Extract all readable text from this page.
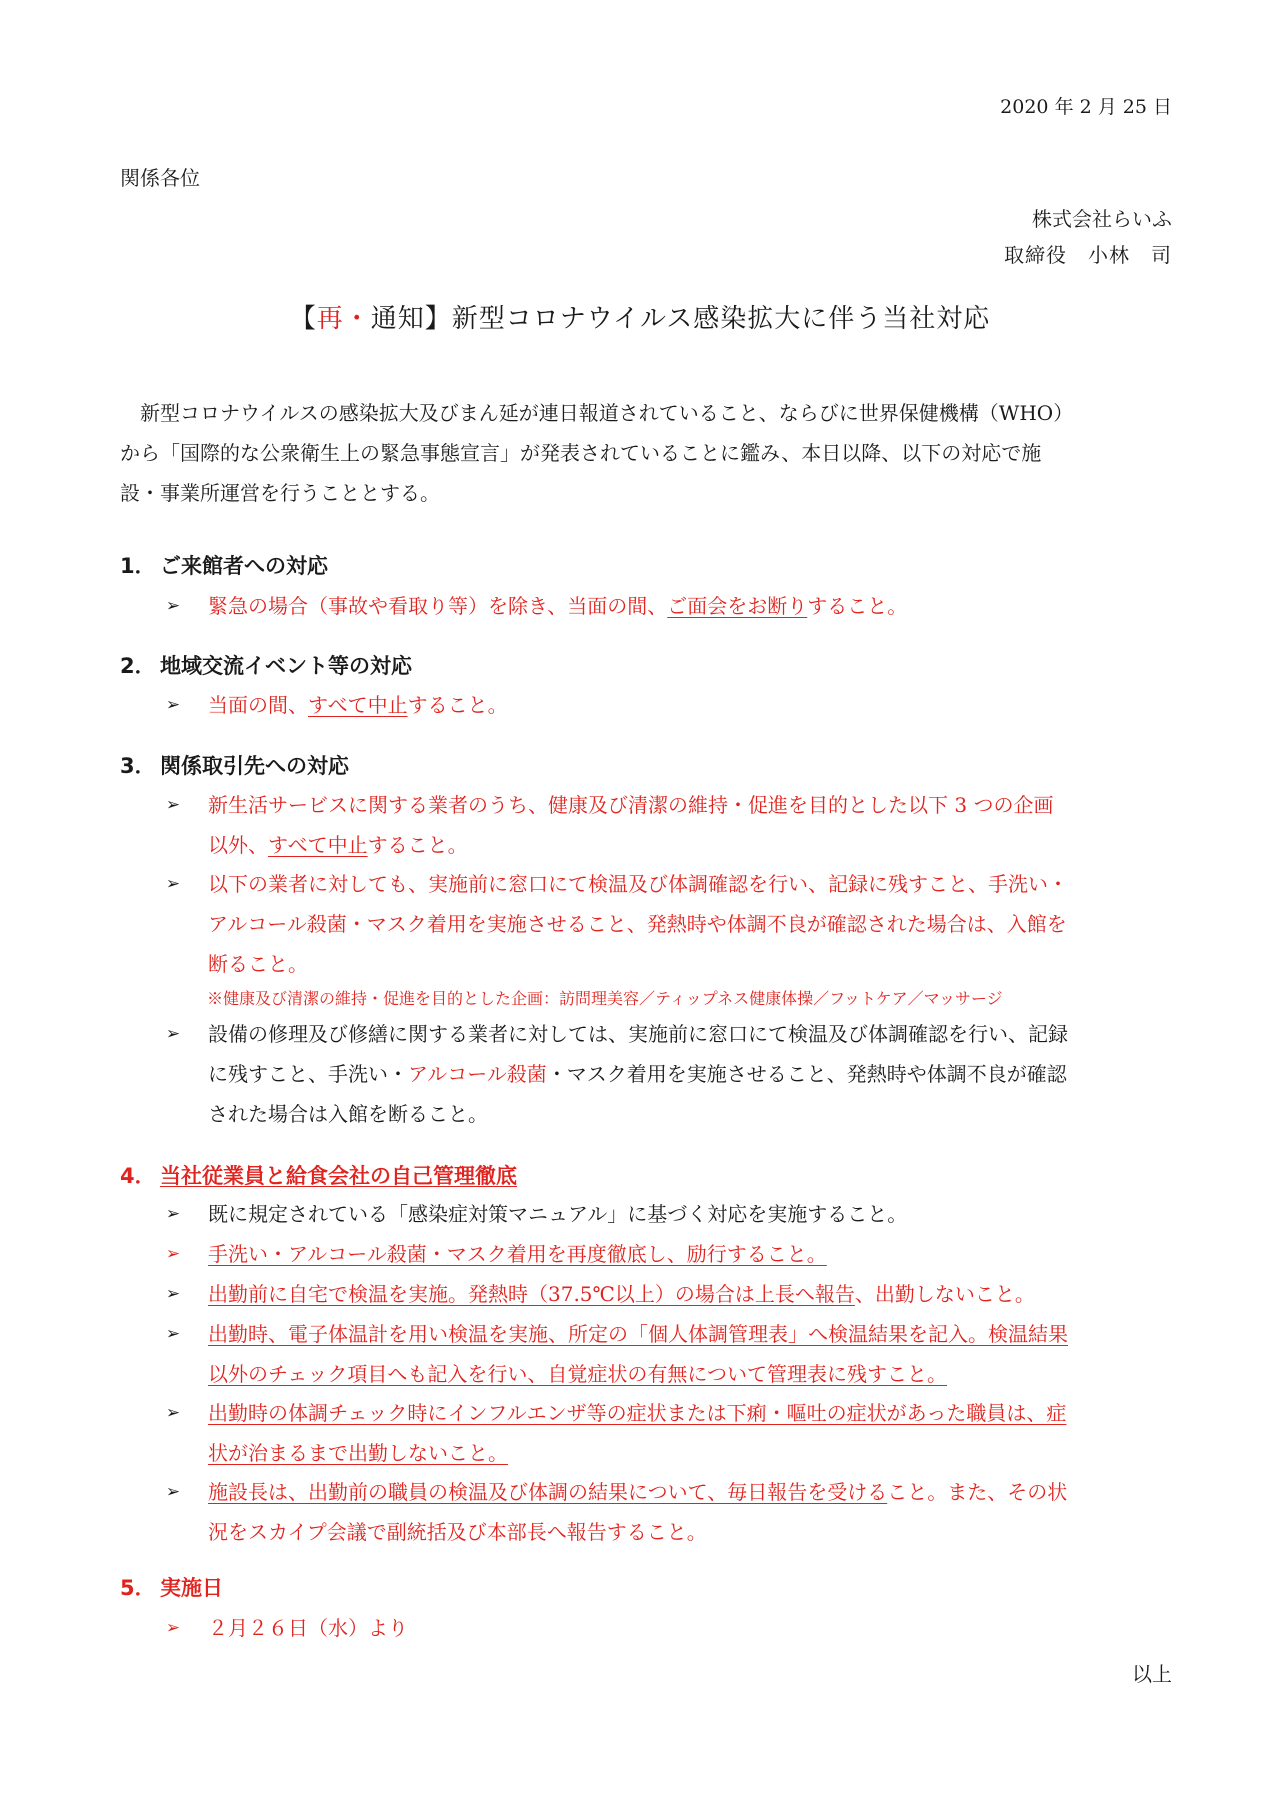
2020 年 2 月 25 日
関係各位
株式会社らいふ
取締役　小林　司
【再・通知】新型コロナウイルス感染拡大に伴う当社対応

新型コロナウイルスの感染拡大及びまん延が連日報道されていること、ならびに世界保健機構（WHO）

から「国際的な公衆衛生上の緊急事態宣言」が発表されていることに鑑み、本日以降、以下の対応で施

設・事業所運営を行うこととする。

1． ご来館者への対応
➢ 緊急の場合（事故や看取り等）を除き、当面の間、ご面会をお断りすること。
2． 地域交流イベント等の対応
➢ 当面の間、すべて中止すること。
3． 関係取引先への対応
➢ 新生活サービスに関する業者のうち、健康及び清潔の維持・促進を目的とした以下 3 つの企画
以外、すべて中止すること。
➢ 以下の業者に対しても、実施前に窓口にて検温及び体調確認を行い、記録に残すこと、手洗い・
アルコール殺菌・マスク着用を実施させること、発熱時や体調不良が確認された場合は、入館を
断ること。
※健康及び清潔の維持・促進を目的とした企画：訪問理美容／ティップネス健康体操／フットケア／マッサージ
➢ 設備の修理及び修繕に関する業者に対しては、実施前に窓口にて検温及び体調確認を行い、記録
に残すこと、手洗い・アルコール殺菌・マスク着用を実施させること、発熱時や体調不良が確認
された場合は入館を断ること。
4． 当社従業員と給食会社の自己管理徹底
➢ 既に規定されている「感染症対策マニュアル」に基づく対応を実施すること。
➢ 手洗い・アルコール殺菌・マスク着用を再度徹底し、励行すること。
➢ 出勤前に自宅で検温を実施。発熱時（37.5℃以上）の場合は上長へ報告、出勤しないこと。
➢ 出勤時、電子体温計を用い検温を実施、所定の「個人体調管理表」へ検温結果を記入。検温結果
以外のチェック項目へも記入を行い、自覚症状の有無について管理表に残すこと。
➢ 出勤時の体調チェック時にインフルエンザ等の症状または下痢・嘔吐の症状があった職員は、症
状が治まるまで出勤しないこと。
➢ 施設長は、出勤前の職員の検温及び体調の結果について、毎日報告を受けること。また、その状
況をスカイプ会議で副統括及び本部長へ報告すること。
5． 実施日
➢ ２月２６日（水）より
以上
